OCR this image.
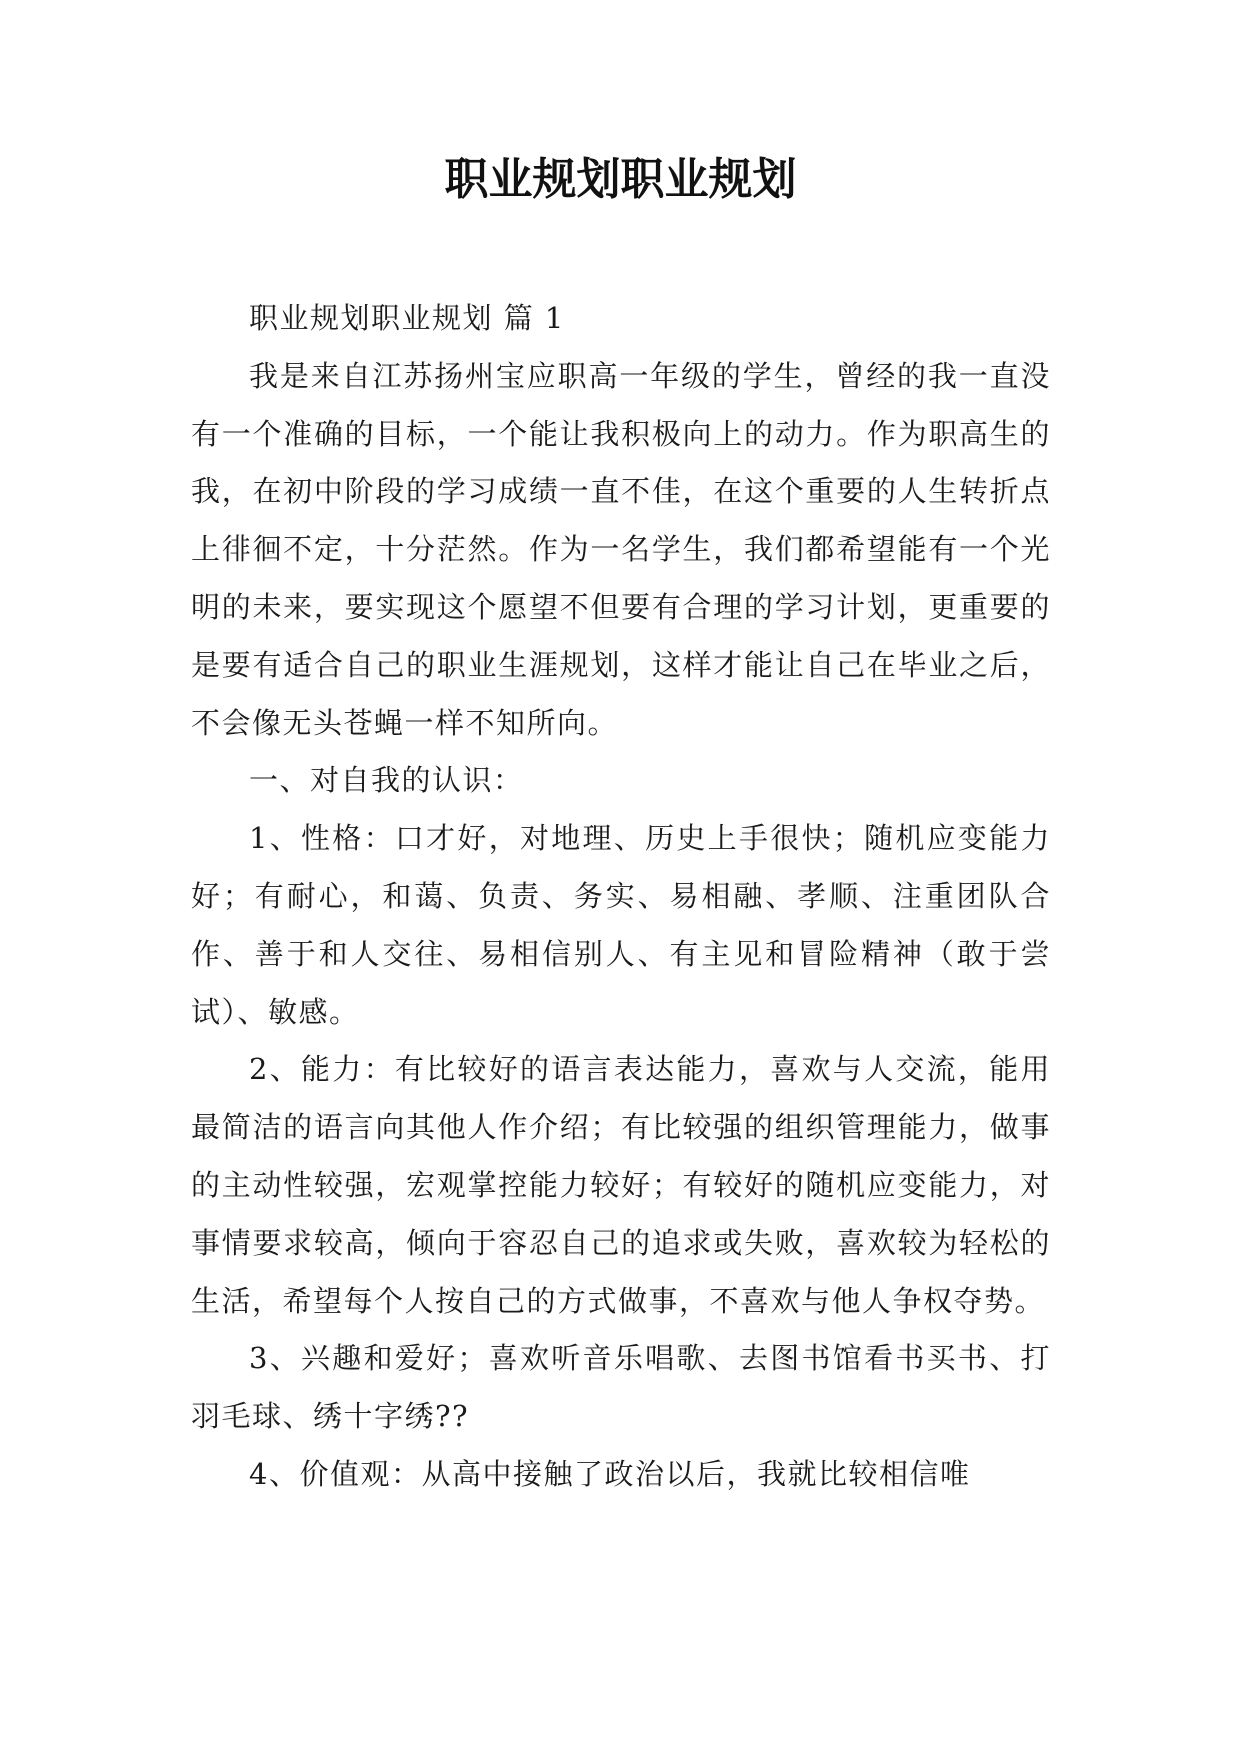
职业规划职业规划

职业规划职业规划 篇 1

我是来自江苏扬州宝应职高一年级的学生，曾经的我一直没有一个准确的目标，一个能让我积极向上的动力。作为职高生的我，在初中阶段的学习成绩一直不佳，在这个重要的人生转折点上徘徊不定，十分茫然。作为一名学生，我们都希望能有一个光明的未来，要实现这个愿望不但要有合理的学习计划，更重要的是要有适合自己的职业生涯规划，这样才能让自己在毕业之后，不会像无头苍蝇一样不知所向。

一、对自我的认识：

1、性格：口才好，对地理、历史上手很快；随机应变能力好；有耐心，和蔼、负责、务实、易相融、孝顺、注重团队合作、善于和人交往、易相信别人、有主见和冒险精神（敢于尝试）、敏感。

2、能力：有比较好的语言表达能力，喜欢与人交流，能用最简洁的语言向其他人作介绍；有比较强的组织管理能力，做事的主动性较强，宏观掌控能力较好；有较好的随机应变能力，对事情要求较高，倾向于容忍自己的追求或失败，喜欢较为轻松的生活，希望每个人按自己的方式做事，不喜欢与他人争权夺势。

3、兴趣和爱好；喜欢听音乐唱歌、去图书馆看书买书、打羽毛球、绣十字绣??

4、价值观：从高中接触了政治以后，我就比较相信唯
